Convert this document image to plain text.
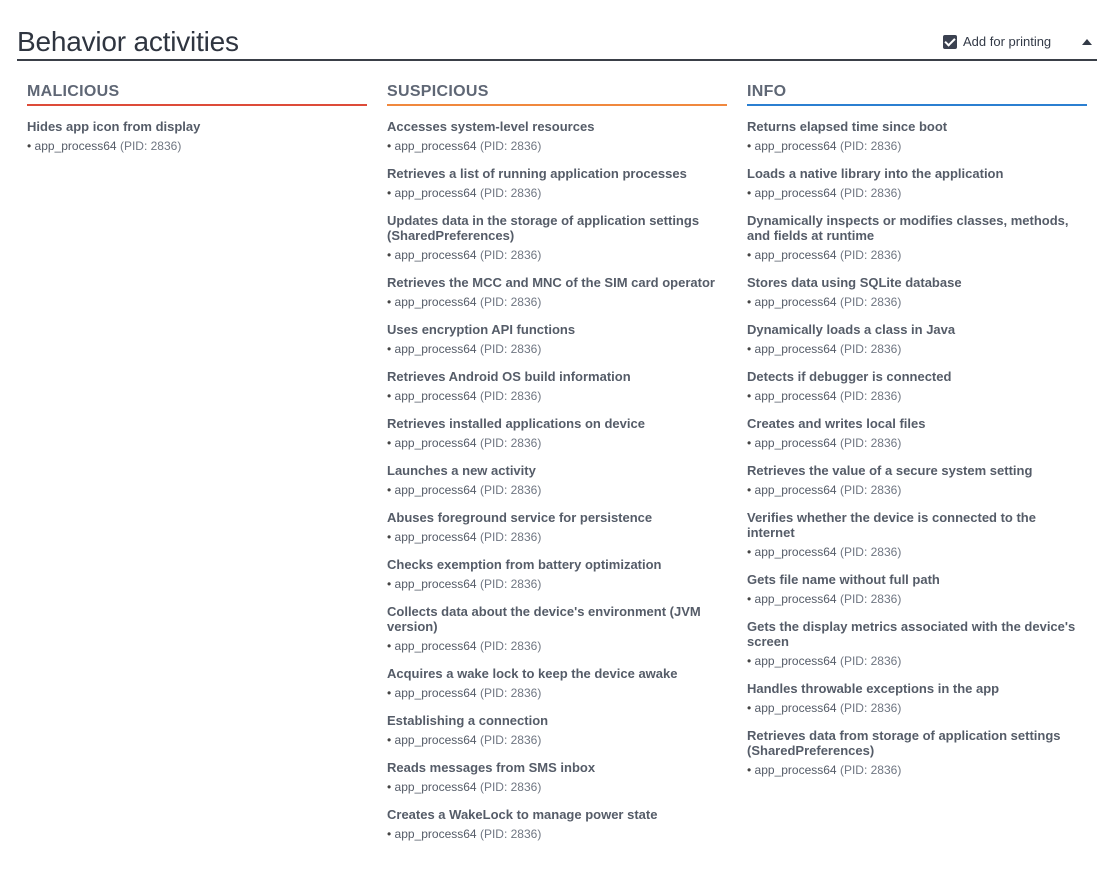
Behavior activities	Add for printing
MALICIOUS
Hides app icon from display
• app_process64 (PID: 2836)
SUSPICIOUS
Accesses system-level resources
• app_process64 (PID: 2836)
Retrieves a list of running application processes
• app_process64 (PID: 2836)
Updates data in the storage of application settings (SharedPreferences)
• app_process64 (PID: 2836)
Retrieves the MCC and MNC of the SIM card operator
• app_process64 (PID: 2836)
Uses encryption API functions
• app_process64 (PID: 2836)
Retrieves Android OS build information
• app_process64 (PID: 2836)
Retrieves installed applications on device
• app_process64 (PID: 2836)
Launches a new activity
• app_process64 (PID: 2836)
Abuses foreground service for persistence
• app_process64 (PID: 2836)
Checks exemption from battery optimization
• app_process64 (PID: 2836)
Collects data about the device's environment (JVM version)
• app_process64 (PID: 2836)
Acquires a wake lock to keep the device awake
• app_process64 (PID: 2836)
Establishing a connection
• app_process64 (PID: 2836)
Reads messages from SMS inbox
• app_process64 (PID: 2836)
Creates a WakeLock to manage power state
• app_process64 (PID: 2836)
INFO
Returns elapsed time since boot
• app_process64 (PID: 2836)
Loads a native library into the application
• app_process64 (PID: 2836)
Dynamically inspects or modifies classes, methods, and fields at runtime
• app_process64 (PID: 2836)
Stores data using SQLite database
• app_process64 (PID: 2836)
Dynamically loads a class in Java
• app_process64 (PID: 2836)
Detects if debugger is connected
• app_process64 (PID: 2836)
Creates and writes local files
• app_process64 (PID: 2836)
Retrieves the value of a secure system setting
• app_process64 (PID: 2836)
Verifies whether the device is connected to the internet
• app_process64 (PID: 2836)
Gets file name without full path
• app_process64 (PID: 2836)
Gets the display metrics associated with the device's screen
• app_process64 (PID: 2836)
Handles throwable exceptions in the app
• app_process64 (PID: 2836)
Retrieves data from storage of application settings (SharedPreferences)
• app_process64 (PID: 2836)
